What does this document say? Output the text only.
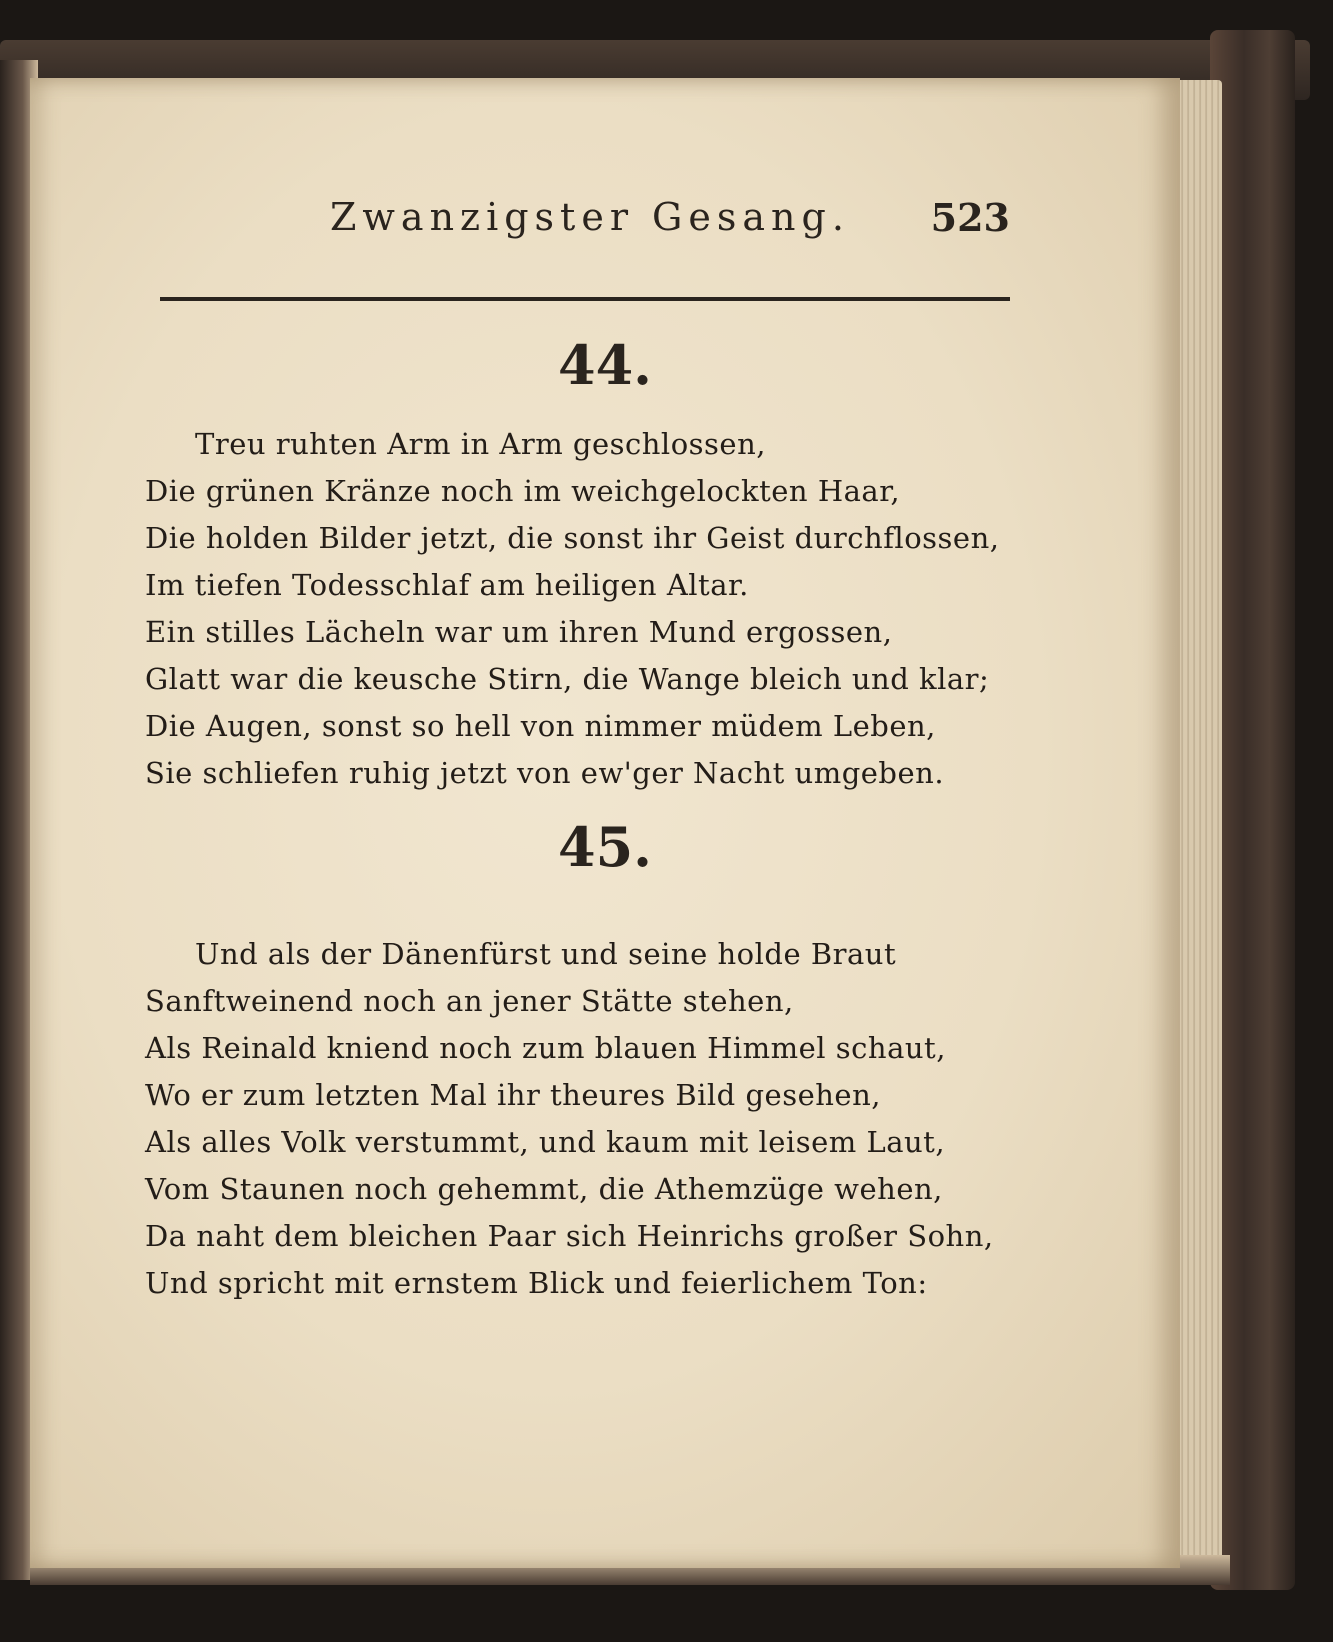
44.
Treu ruhten Arm in Arm geschlossen,
Die grünen Kränze noch im weichgelockten Haar,
Die holden Bilder jetzt, die sonst ihr Geist durchflossen,
Im tiefen Todesschlaf am heiligen Altar.
Ein stilles Lächeln war um ihren Mund ergossen,
Glatt war die keusche Stirn, die Wange bleich und klar;
Die Augen, sonst so hell von nimmer müdem Leben,
Sie schliefen ruhig jetzt von ew'ger Nacht umgeben.
45.
Und als der Dänenfürst und seine holde Braut
Sanftweinend noch an jener Stätte stehen,
Als Reinald kniend noch zum blauen Himmel schaut,
Wo er zum letzten Mal ihr theures Bild gesehen,
Als alles Volk verstummt, und kaum mit leisem Laut,
Vom Staunen noch gehemmt, die Athemzüge wehen,
Da naht dem bleichen Paar sich Heinrichs großer Sohn,
Und spricht mit ernstem Blick und feierlichem Ton:
Zwanzigster Gesang. 523
